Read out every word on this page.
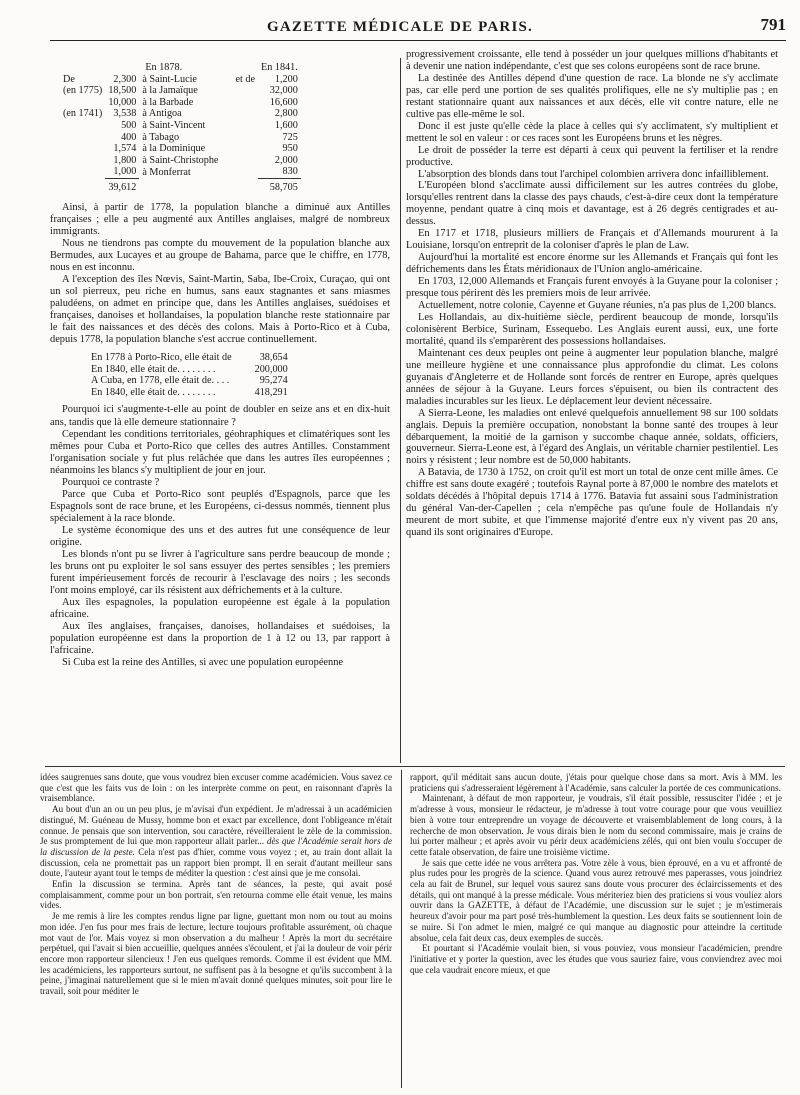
GAZETTE MÉDICALE DE PARIS.	791
	En 1878.			En 1841.
De	2,300	à Saint-Lucie	et de	1,200
(en 1775)	18,500	à la Jamaïque		32,000
	10,000	à la Barbade		16,600
(en 1741)	3,538	à Antigoa		2,800
	500	à Saint-Vincent		1,600
	400	à Tabago		725
	1,574	à la Dominique		950
	1,800	à Saint-Christophe		2,000
	1,000	à Monferrat		830
	39,612			58,705

Ainsi, à partir de 1778, la population blanche a diminué aux Antilles françaises ; elle a peu augmenté aux Antilles anglaises, malgré de nombreux immigrants.

Nous ne tiendrons pas compte du mouvement de la population blanche aux Bermudes, aux Lucayes et au groupe de Bahama, parce que le chiffre, en 1778, nous en est inconnu.

A l'exception des îles Nœvis, Saint-Martin, Saba, Ibe-Croix, Curaçao, qui ont un sol pierreux, peu riche en humus, sans eaux stagnantes et sans miasmes paludéens, on admet en principe que, dans les Antilles anglaises, suédoises et françaises, danoises et hollandaises, la population blanche reste stationnaire par le fait des naissances et des décès des colons. Mais à Porto-Rico et à Cuba, depuis 1778, la population blanche s'est accrue continuellement.

En 1778 à Porto-Rico, elle était de	38,654
En 1840, elle était de. . . . . . . .	200,000
A Cuba, en 1778, elle était de. . . .	95,274
En 1840, elle était de. . . . . . . .	418,291

Pourquoi ici s'augmente-t-elle au point de doubler en seize ans et en dix-huit ans, tandis que là elle demeure stationnaire ?

Cependant les conditions territoriales, géohraphiques et climatériques sont les mêmes pour Cuba et Porto-Rico que celles des autres Antilles. Constamment l'organisation sociale y fut plus relâchée que dans les autres îles européennes ; néanmoins les blancs s'y multiplient de jour en jour.

Pourquoi ce contraste ?

Parce que Cuba et Porto-Rico sont peuplés d'Espagnols, parce que les Espagnols sont de race brune, et les Européens, ci-dessus nommés, tiennent plus spécialement à la race blonde.

Le système économique des uns et des autres fut une conséquence de leur origine.

Les blonds n'ont pu se livrer à l'agriculture sans perdre beaucoup de monde ; les bruns ont pu exploiter le sol sans essuyer des pertes sensibles ; les premiers furent impérieusement forcés de recourir à l'esclavage des noirs ; les seconds l'ont moins employé, car ils résistent aux défrichements et à la culture.

Aux îles espagnoles, la population européenne est égale à la population africaine.

Aux îles anglaises, françaises, danoises, hollandaises et suédoises, la population européenne est dans la proportion de 1 à 12 ou 13, par rapport à l'africaine.

Si Cuba est la reine des Antilles, si avec une population européenne

progressivement croissante, elle tend à posséder un jour quelques millions d'habitants et à devenir une nation indépendante, c'est que ses colons européens sont de race brune.

La destinée des Antilles dépend d'une question de race. La blonde ne s'y acclimate pas, car elle perd une portion de ses qualités prolifiques, elle ne s'y multiplie pas ; en restant stationnaire quant aux naissances et aux décès, elle vit contre nature, elle ne cultive pas elle-même le sol.

Donc il est juste qu'elle cède la place à celles qui s'y acclimatent, s'y multiplient et mettent le sol en valeur : or ces races sont les Européens bruns et les nègres.

Le droit de posséder la terre est départi à ceux qui peuvent la fertiliser et la rendre productive.

L'absorption des blonds dans tout l'archipel colombien arrivera donc infailliblement.

L'Européen blond s'acclimate aussi difficilement sur les autres contrées du globe, lorsqu'elles rentrent dans la classe des pays chauds, c'est-à-dire ceux dont la température moyenne, pendant quatre à cinq mois et davantage, est à 26 degrés centigrades et au-dessus.

En 1717 et 1718, plusieurs milliers de Français et d'Allemands moururent à la Louisiane, lorsqu'on entreprit de la coloniser d'après le plan de Law.

Aujourd'hui la mortalité est encore énorme sur les Allemands et Français qui font les défrichements dans les États méridionaux de l'Union anglo-américaine.

En 1703, 12,000 Allemands et Français furent envoyés à la Guyane pour la coloniser ; presque tous périrent dès les premiers mois de leur arrivée.

Actuellement, notre colonie, Cayenne et Guyane réunies, n'a pas plus de 1,200 blancs.

Les Hollandais, au dix-huitième siècle, perdirent beaucoup de monde, lorsqu'ils colonisèrent Berbice, Surinam, Essequebo. Les Anglais eurent aussi, eux, une forte mortalité, quand ils s'emparèrent des possessions hollandaises.

Maintenant ces deux peuples ont peine à augmenter leur population blanche, malgré une meilleure hygiène et une connaissance plus approfondie du climat. Les colons guyanais d'Angleterre et de Hollande sont forcés de rentrer en Europe, après quelques années de séjour à la Guyane. Leurs forces s'épuisent, ou bien ils contractent des maladies incurables sur les lieux. Le déplacement leur devient nécessaire.

A Sierra-Leone, les maladies ont enlevé quelquefois annuellement 98 sur 100 soldats anglais. Depuis la première occupation, nonobstant la bonne santé des troupes à leur débarquement, la moitié de la garnison y succombe chaque année, soldats, officiers, gouverneur. Sierra-Leone est, à l'égard des Anglais, un véritable charnier pestilentiel. Les noirs y résistent ; leur nombre est de 50,000 habitants.

A Batavia, de 1730 à 1752, on croit qu'il est mort un total de onze cent mille âmes. Ce chiffre est sans doute exagéré ; toutefois Raynal porte à 87,000 le nombre des matelots et soldats décédés à l'hôpital depuis 1714 à 1776. Batavia fut assaini sous l'administration du général Van-der-Capellen ; cela n'empêche pas qu'une foule de Hollandais n'y meurent de mort subite, et que l'immense majorité d'entre eux n'y vivent pas 20 ans, quand ils sont originaires d'Europe.

idées saugrenues sans doute, que vous voudrez bien excuser comme académicien. Vous savez ce que c'est que les faits vus de loin : on les interprète comme on peut, en raisonnant d'après la vraisemblance.

Au bout d'un an ou un peu plus, je m'avisai d'un expédient. Je m'adressai à un académicien distingué, M. Guéneau de Mussy, homme bon et exact par excellence, dont l'obligeance m'était connue. Je pensais que son intervention, sou caractère, réveilleraient le zèle de la commission. Je sus promptement de lui que mon rapporteur allait parler... dès que l'Académie serait hors de la discussion de la peste. Cela n'est pas d'hier, comme vous voyez ; et, au train dont allait la discussion, cela ne promettait pas un rapport bien prompt. Il en serait d'autant meilleur sans doute, l'auteur ayant tout le temps de méditer la question : c'est ainsi que je me consolai.

Enfin la discussion se termina. Après tant de séances, la peste, qui avait posé complaisamment, comme pour un bon portrait, s'en retourna comme elle était venue, les mains vides.

Je me remis à lire les comptes rendus ligne par ligne, guettant mon nom ou tout au moins mon idée. J'en fus pour mes frais de lecture, lecture toujours profitable assurément, où chaque mot vaut de l'or. Mais voyez si mon observation a du malheur ! Après la mort du secrétaire perpétuel, qui l'avait si bien accueillie, quelques années s'écoulent, et j'ai la douleur de voir périr encore mon rapporteur silencieux ! J'en eus quelques remords. Comme il est évident que MM. les académiciens, les rapporteurs surtout, ne suffisent pas à la besogne et qu'ils succombent à la peine, j'imaginai naturellement que si le mien m'avait donné quelques minutes, soit pour lire le travail, soit pour méditer le

rapport, qu'il méditait sans aucun doute, j'étais pour quelque chose dans sa mort. Avis à MM. les praticiens qui s'adresseraient légèrement à l'Académie, sans calculer la portée de ces communications.

Maintenant, à défaut de mon rapporteur, je voudrais, s'il était possible, ressusciter l'idée ; et je m'adresse à vous, monsieur le rédacteur, je m'adresse à tout votre courage pour que vous veuilliez bien à votre tour entreprendre un voyage de découverte et vraisemblablement de long cours, à la recherche de mon observation. Je vous dirais bien le nom du second commissaire, mais je crains de lui porter malheur ; et après avoir vu périr deux académiciens zélés, qui ont bien voulu s'occuper de cette fatale observation, de faire une troisième victime.

Je sais que cette idée ne vous arrêtera pas. Votre zèle à vous, bien éprouvé, en a vu et affronté de plus rudes pour les progrès de la science. Quand vous aurez retrouvé mes paperasses, vous joindriez cela au fait de Brunel, sur lequel vous saurez sans doute vous procurer des éclaircissements et des détails, qui ont manqué à la presse médicale. Vous mériteriez bien des praticiens si vous vouliez alors ouvrir dans la GAZETTE, à défaut de l'Académie, une discussion sur le sujet ; je m'estimerais heureux d'avoir pour ma part posé très-humblement la question. Les deux faits se soutiennent loin de se nuire. Si l'on admet le mien, malgré ce qui manque au diagnostic pour atteindre la certitude absolue, cela fait deux cas, deux exemples de succès.

Et pourtant si l'Académie voulait bien, si vous pouviez, vous monsieur l'académicien, prendre l'initiative et y porter la question, avec les études que vous sauriez faire, vous conviendrez avec moi que cela vaudrait encore mieux, et que
